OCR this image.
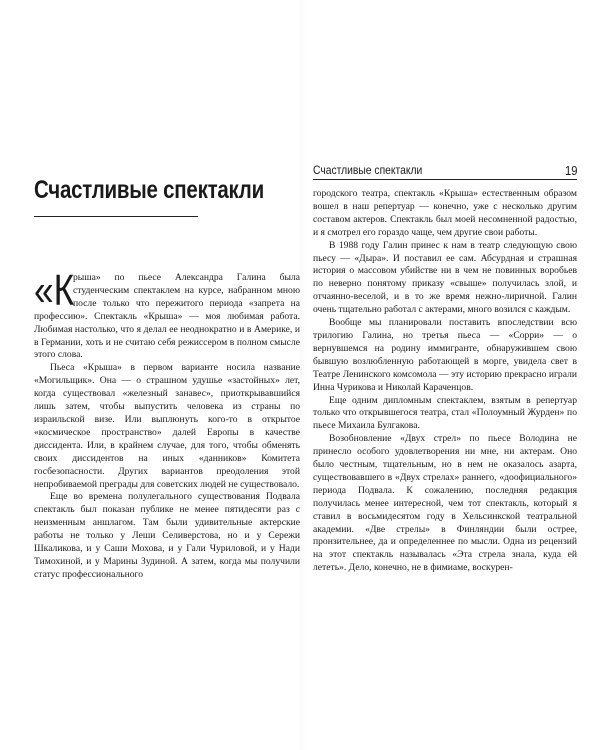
Счастливые спектакли

«К
рыша» по пьесе Александра Галина была студенческим спектаклем на курсе, набранном мною после только что пережитого периода «запрета на профессию». Спектакль «Крыша» — моя любимая работа. Любимая настолько, что я делал ее неоднократно и в Америке, и в Германии, хоть и не считаю себя режиссером в полном смысле этого слова.

Пьеса «Крыша» в первом варианте носила название «Могильщик». Она — о страшном удушье «застойных» лет, когда существовал «железный занавес», приоткрывавшийся лишь затем, чтобы выпустить человека из страны по израильской визе. Или выплюнуть кого-то в открытое «космическое пространство» далей Европы в качестве диссидента. Или, в крайнем случае, для того, чтобы обменять своих диссидентов на иных «данников» Комитета госбезопасности. Других вариантов преодоления этой непробиваемой преграды для советских людей не существовало.

Еще во времена полулегального существования Подвала спектакль был показан публике не менее пятидесяти раз с неизменным аншлагом. Там были удивительные актерские работы не только у Леши Селиверстова, но и у Сережи Шкаликова, и у Саши Мохова, и у Гали Чуриловой, и у Нади Тимохиной, и у Марины Зудиной. А затем, когда мы получили статус профессионального

Счастливые спектакли	19

городского театра, спектакль «Крыша» естественным образом вошел в наш репертуар — конечно, уже с несколько другим составом актеров. Спектакль был моей несомненной радостью, и я смотрел его гораздо чаще, чем другие свои работы.

В 1988 году Галин принес к нам в театр следующую свою пьесу — «Дыра». И поставил ее сам. Абсурдная и страшная история о массовом убийстве ни в чем не повинных воробьев по неверно понятому приказу «свыше» получилась злой, и отчаянно-веселой, и в то же время нежно-лиричной. Галин очень тщательно работал с актерами, много возился с каждым.

Вообще мы планировали поставить впоследствии всю трилогию Галина, но третья пьеса — «Сорри» — о вернувшемся на родину иммигранте, обнаружившем свою бывшую возлюбленную работающей в морге, увидела свет в Театре Ленинского комсомола — эту историю прекрасно играли Инна Чурикова и Николай Караченцов.

Еще одним дипломным спектаклем, взятым в репертуар только что открывшегося театра, стал «Полоумный Журден» по пьесе Михаила Булгакова.

Возобновление «Двух стрел» по пьесе Володина не принесло особого удовлетворения ни мне, ни актерам. Оно было честным, тщательным, но в нем не оказалось азарта, существовавшего в «Двух стрелах» раннего, «доофициального» периода Подвала. К сожалению, последняя редакция получилась менее интересной, чем тот спектакль, который я ставил в восьмидесятом году в Хельсинкской театральной академии. «Две стрелы» в Финляндии были острее, пронзительнее, да и определеннее по мысли. Одна из рецензий на этот спектакль называлась «Эта стрела знала, куда ей лететь». Дело, конечно, не в фимиаме, воскурен-
